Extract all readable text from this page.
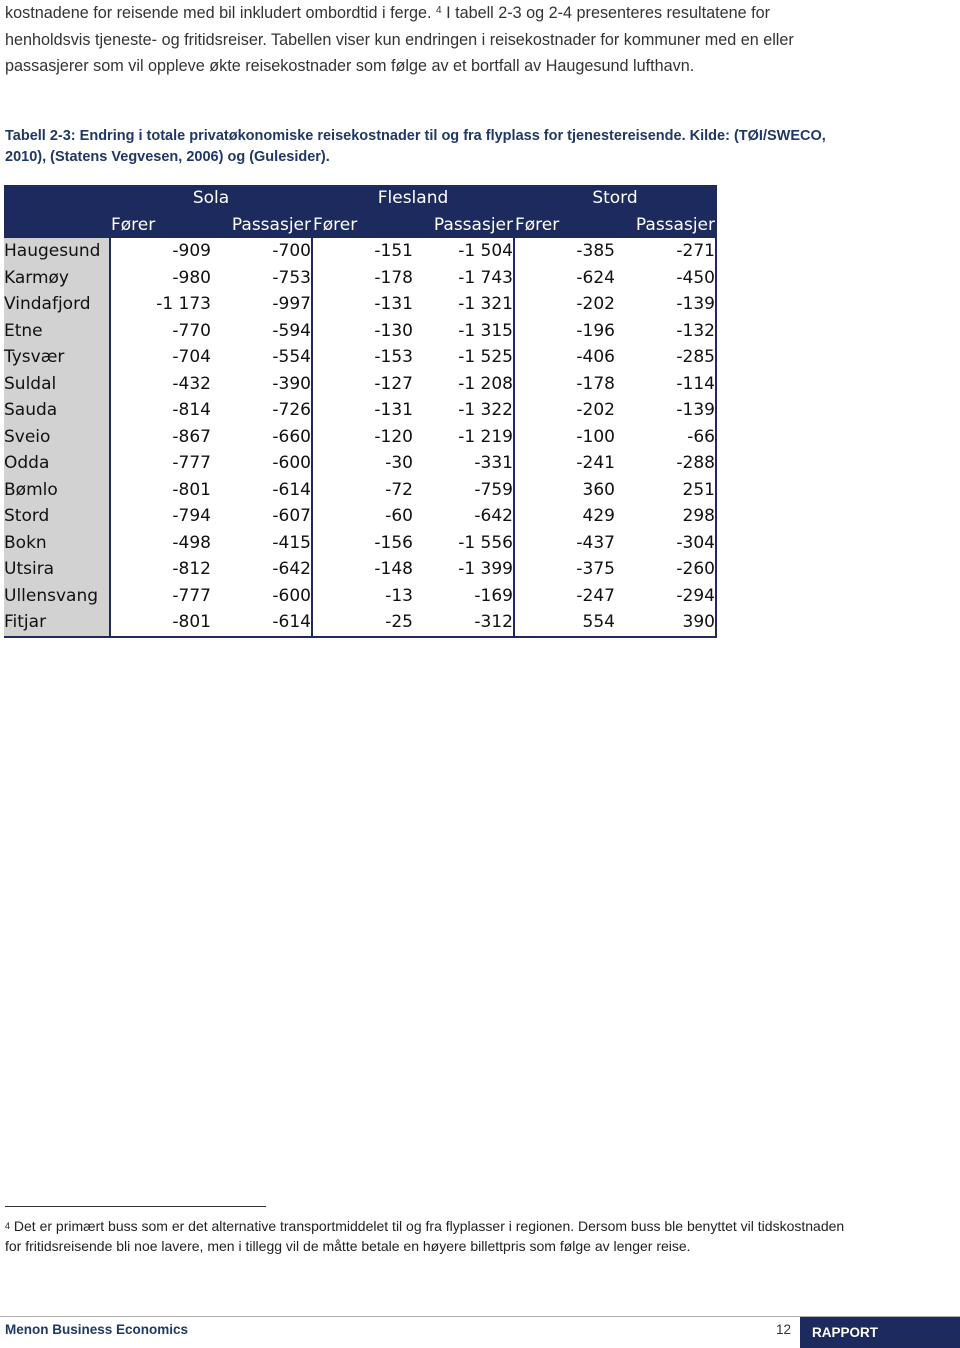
kostnadene for reisende med bil inkludert ombordtid i ferge. $^4$ I tabell 2-3 og 2-4 presenteres resultatene for

henholdsvis tjeneste- og fritidsreiser. Tabellen viser kun endringen i reisekostnader for kommuner med en eller

passasjerer som vil oppleve økte reisekostnader som følge av et bortfall av Haugesund lufthavn.

Tabell 2-3: Endring i totale privatøkonomiske reisekostnader til og fra flyplass for tjenestereisende. Kilde: (TØI/SWECO, 2010), (Statens Vegvesen, 2006) og (Gulesider).
	Sola		Flesland		Stord	
	Fører	Passasjer	Fører	Passasjer	Fører	Passasjer
Haugesund	-909	-700	-151	-1 504	-385	-271
Karmøy	-980	-753	-178	-1 743	-624	-450
Vindafjord	-1 173	-997	-131	-1 321	-202	-139
Etne	-770	-594	-130	-1 315	-196	-132
Tysvær	-704	-554	-153	-1 525	-406	-285
Suldal	-432	-390	-127	-1 208	-178	-114
Sauda	-814	-726	-131	-1 322	-202	-139
Sveio	-867	-660	-120	-1 219	-100	-66
Odda	-777	-600	-30	-331	-241	-288
Bømlo	-801	-614	-72	-759	360	251
Stord	-794	-607	-60	-642	429	298
Bokn	-498	-415	-156	-1 556	-437	-304
Utsira	-812	-642	-148	-1 399	-375	-260
Ullensvang	-777	-600	-13	-169	-247	-294
Fitjar	-801	-614	-25	-312	554	390
$^4$ Det er primært buss som er det alternative transportmiddelet til og fra flyplasser i regionen. Dersom buss ble benyttet vil tidskostnaden for fritidsreisende bli noe lavere, men i tillegg vil de måtte betale en høyere billettpris som følge av lenger reise.
Menon Business Economics	12	RAPPORT
